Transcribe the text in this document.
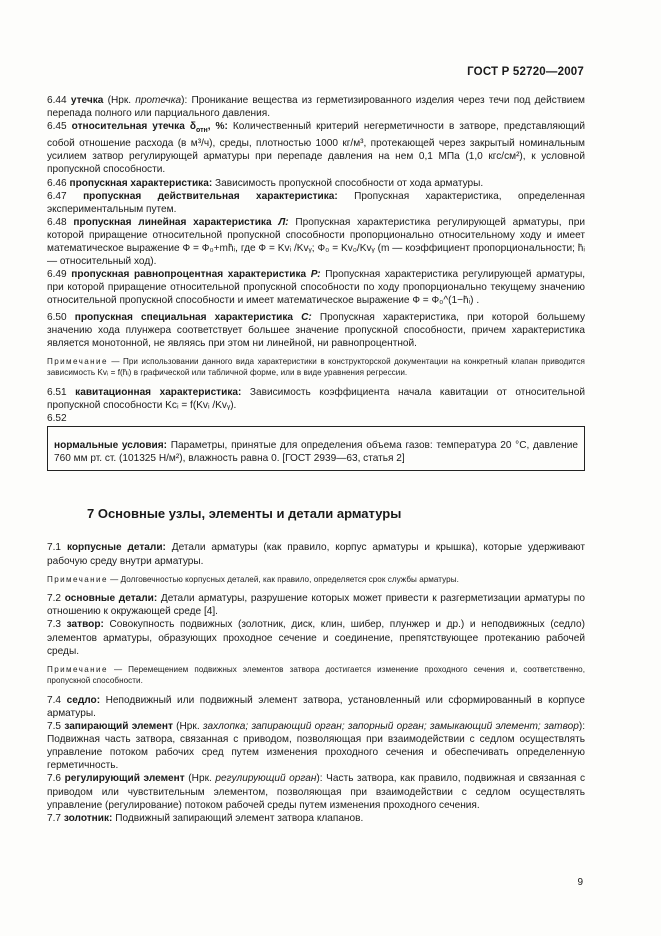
ГОСТ Р 52720—2007

6.44 утечка (Нрк. протечка): Проникание вещества из герметизированного изделия через течи под действием перепада полного или парциального давления.

6.45 относительная утечка $\delta_{отн}$, %: Количественный критерий негерметичности в затворе, представляющий собой отношение расхода (в м³/ч), среды, плотностью 1000 кг/м³, протекающей через закрытый номинальным усилием затвор регулирующей арматуры при перепаде давления на нем 0,1 МПа (1,0 кгс/см²), к условной пропускной способности.

6.46 пропускная характеристика: Зависимость пропускной способности от хода арматуры.

6.47 пропускная действительная характеристика: Пропускная характеристика, определенная экспериментальным путем.

6.48 пропускная линейная характеристика Л: Пропускная характеристика регулирующей арматуры, при которой приращение относительной пропускной способности пропорционально относительному ходу и имеет математическое выражение Ф = Ф₀+mh̄ᵢ, где Ф = Kvᵢ /Kvᵧ; Ф₀ = Kv₀/Kvᵧ (m — коэффициент пропорциональности; h̄ᵢ — относительный ход).

6.49 пропускная равнопроцентная характеристика Р: Пропускная характеристика регулирующей арматуры, при которой приращение относительной пропускной способности по ходу пропорционально текущему значению относительной пропускной способности и имеет математическое выражение Ф = Ф₀^(1−h̄ᵢ) .

6.50 пропускная специальная характеристика С: Пропускная характеристика, при которой большему значению хода плунжера соответствует большее значение пропускной способности, причем характеристика является монотонной, не являясь при этом ни линейной, ни равнопроцентной.

Примечание — При использовании данного вида характеристики в конструкторской документации на конкретный клапан приводится зависимость Kvᵢ = f(h̄ᵢ) в графической или табличной форме, или в виде уравнения регрессии.

6.51 кавитационная характеристика: Зависимость коэффициента начала кавитации от относительной пропускной способности Kcᵢ = f(Kvᵢ /Kvᵧ).

6.52

нормальные условия: Параметры, принятые для определения объема газов: температура 20 °С, давление 760 мм рт. ст. (101325 Н/м²), влажность равна 0. [ГОСТ 2939—63, статья 2]

7 Основные узлы, элементы и детали арматуры

7.1 корпусные детали: Детали арматуры (как правило, корпус арматуры и крышка), которые удерживают рабочую среду внутри арматуры.

Примечание — Долговечностью корпусных деталей, как правило, определяется срок службы арматуры.

7.2 основные детали: Детали арматуры, разрушение которых может привести к разгерметизации арматуры по отношению к окружающей среде [4].

7.3 затвор: Совокупность подвижных (золотник, диск, клин, шибер, плунжер и др.) и неподвижных (седло) элементов арматуры, образующих проходное сечение и соединение, препятствующее протеканию рабочей среды.

Примечание — Перемещением подвижных элементов затвора достигается изменение проходного сечения и, соответственно, пропускной способности.

7.4 седло: Неподвижный или подвижный элемент затвора, установленный или сформированный в корпусе арматуры.

7.5 запирающий элемент (Нрк. захлопка; запирающий орган; запорный орган; замыкающий элемент; затвор): Подвижная часть затвора, связанная с приводом, позволяющая при взаимодействии с седлом осуществлять управление потоком рабочих сред путем изменения проходного сечения и обеспечивать определенную герметичность.

7.6 регулирующий элемент (Нрк. регулирующий орган): Часть затвора, как правило, подвижная и связанная с приводом или чувствительным элементом, позволяющая при взаимодействии с седлом осуществлять управление (регулирование) потоком рабочей среды путем изменения проходного сечения.

7.7 золотник: Подвижный запирающий элемент затвора клапанов.

9
